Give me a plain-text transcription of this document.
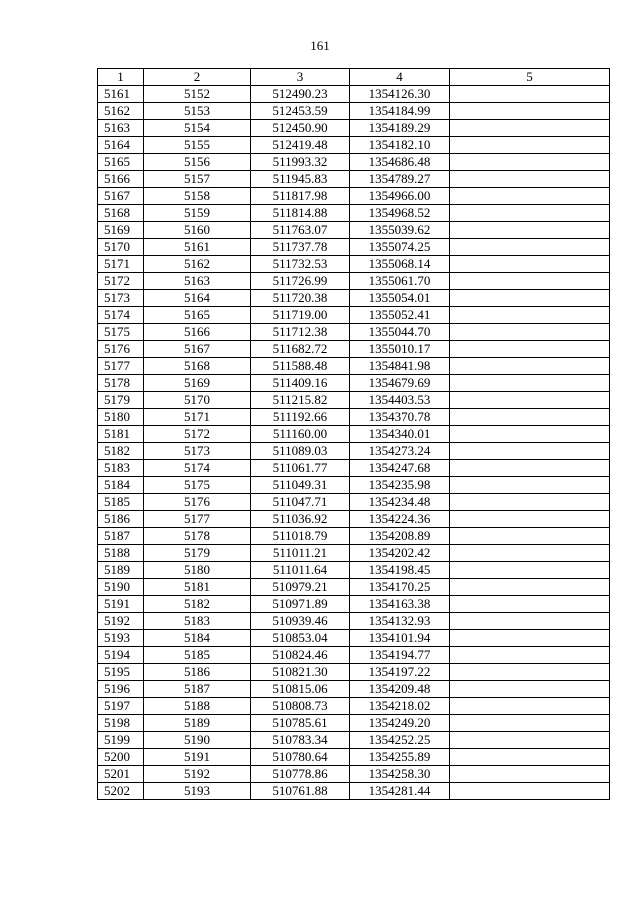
161
1	2	3	4	5
5161	5152	512490.23	1354126.30	
5162	5153	512453.59	1354184.99	
5163	5154	512450.90	1354189.29	
5164	5155	512419.48	1354182.10	
5165	5156	511993.32	1354686.48	
5166	5157	511945.83	1354789.27	
5167	5158	511817.98	1354966.00	
5168	5159	511814.88	1354968.52	
5169	5160	511763.07	1355039.62	
5170	5161	511737.78	1355074.25	
5171	5162	511732.53	1355068.14	
5172	5163	511726.99	1355061.70	
5173	5164	511720.38	1355054.01	
5174	5165	511719.00	1355052.41	
5175	5166	511712.38	1355044.70	
5176	5167	511682.72	1355010.17	
5177	5168	511588.48	1354841.98	
5178	5169	511409.16	1354679.69	
5179	5170	511215.82	1354403.53	
5180	5171	511192.66	1354370.78	
5181	5172	511160.00	1354340.01	
5182	5173	511089.03	1354273.24	
5183	5174	511061.77	1354247.68	
5184	5175	511049.31	1354235.98	
5185	5176	511047.71	1354234.48	
5186	5177	511036.92	1354224.36	
5187	5178	511018.79	1354208.89	
5188	5179	511011.21	1354202.42	
5189	5180	511011.64	1354198.45	
5190	5181	510979.21	1354170.25	
5191	5182	510971.89	1354163.38	
5192	5183	510939.46	1354132.93	
5193	5184	510853.04	1354101.94	
5194	5185	510824.46	1354194.77	
5195	5186	510821.30	1354197.22	
5196	5187	510815.06	1354209.48	
5197	5188	510808.73	1354218.02	
5198	5189	510785.61	1354249.20	
5199	5190	510783.34	1354252.25	
5200	5191	510780.64	1354255.89	
5201	5192	510778.86	1354258.30	
5202	5193	510761.88	1354281.44	
